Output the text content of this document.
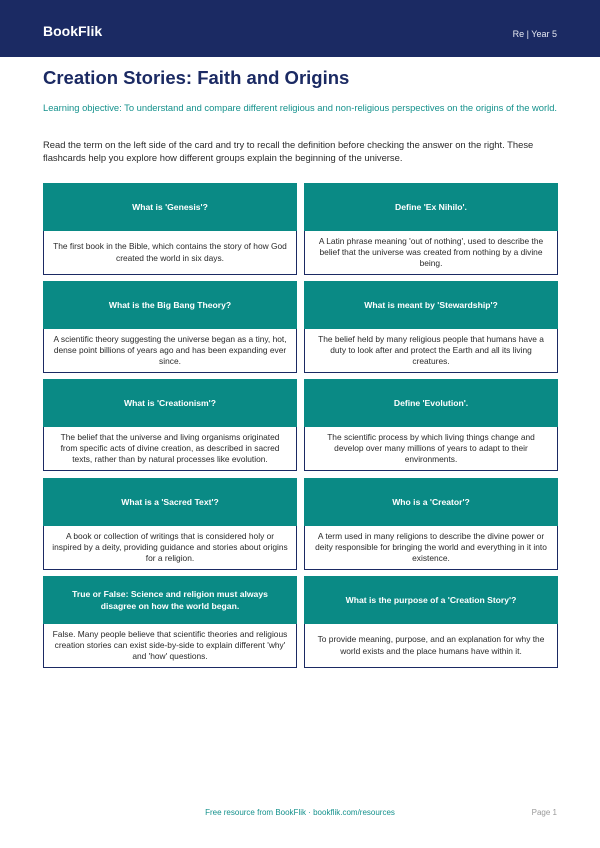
BookFlik	Re | Year 5
Creation Stories: Faith and Origins
Learning objective: To understand and compare different religious and non-religious perspectives on the origins of the world.
Read the term on the left side of the card and try to recall the definition before checking the answer on the right. These flashcards help you explore how different groups explain the beginning of the universe.
What is 'Genesis'?
The first book in the Bible, which contains the story of how God created the world in six days.
Define 'Ex Nihilo'.
A Latin phrase meaning 'out of nothing', used to describe the belief that the universe was created from nothing by a divine being.
What is the Big Bang Theory?
A scientific theory suggesting the universe began as a tiny, hot, dense point billions of years ago and has been expanding ever since.
What is meant by 'Stewardship'?
The belief held by many religious people that humans have a duty to look after and protect the Earth and all its living creatures.
What is 'Creationism'?
The belief that the universe and living organisms originated from specific acts of divine creation, as described in sacred texts, rather than by natural processes like evolution.
Define 'Evolution'.
The scientific process by which living things change and develop over many millions of years to adapt to their environments.
What is a 'Sacred Text'?
A book or collection of writings that is considered holy or inspired by a deity, providing guidance and stories about origins for a religion.
Who is a 'Creator'?
A term used in many religions to describe the divine power or deity responsible for bringing the world and everything in it into existence.
True or False: Science and religion must always disagree on how the world began.
False. Many people believe that scientific theories and religious creation stories can exist side-by-side to explain different 'why' and 'how' questions.
What is the purpose of a 'Creation Story'?
To provide meaning, purpose, and an explanation for why the world exists and the place humans have within it.
Free resource from BookFlik · bookflik.com/resources	Page 1
